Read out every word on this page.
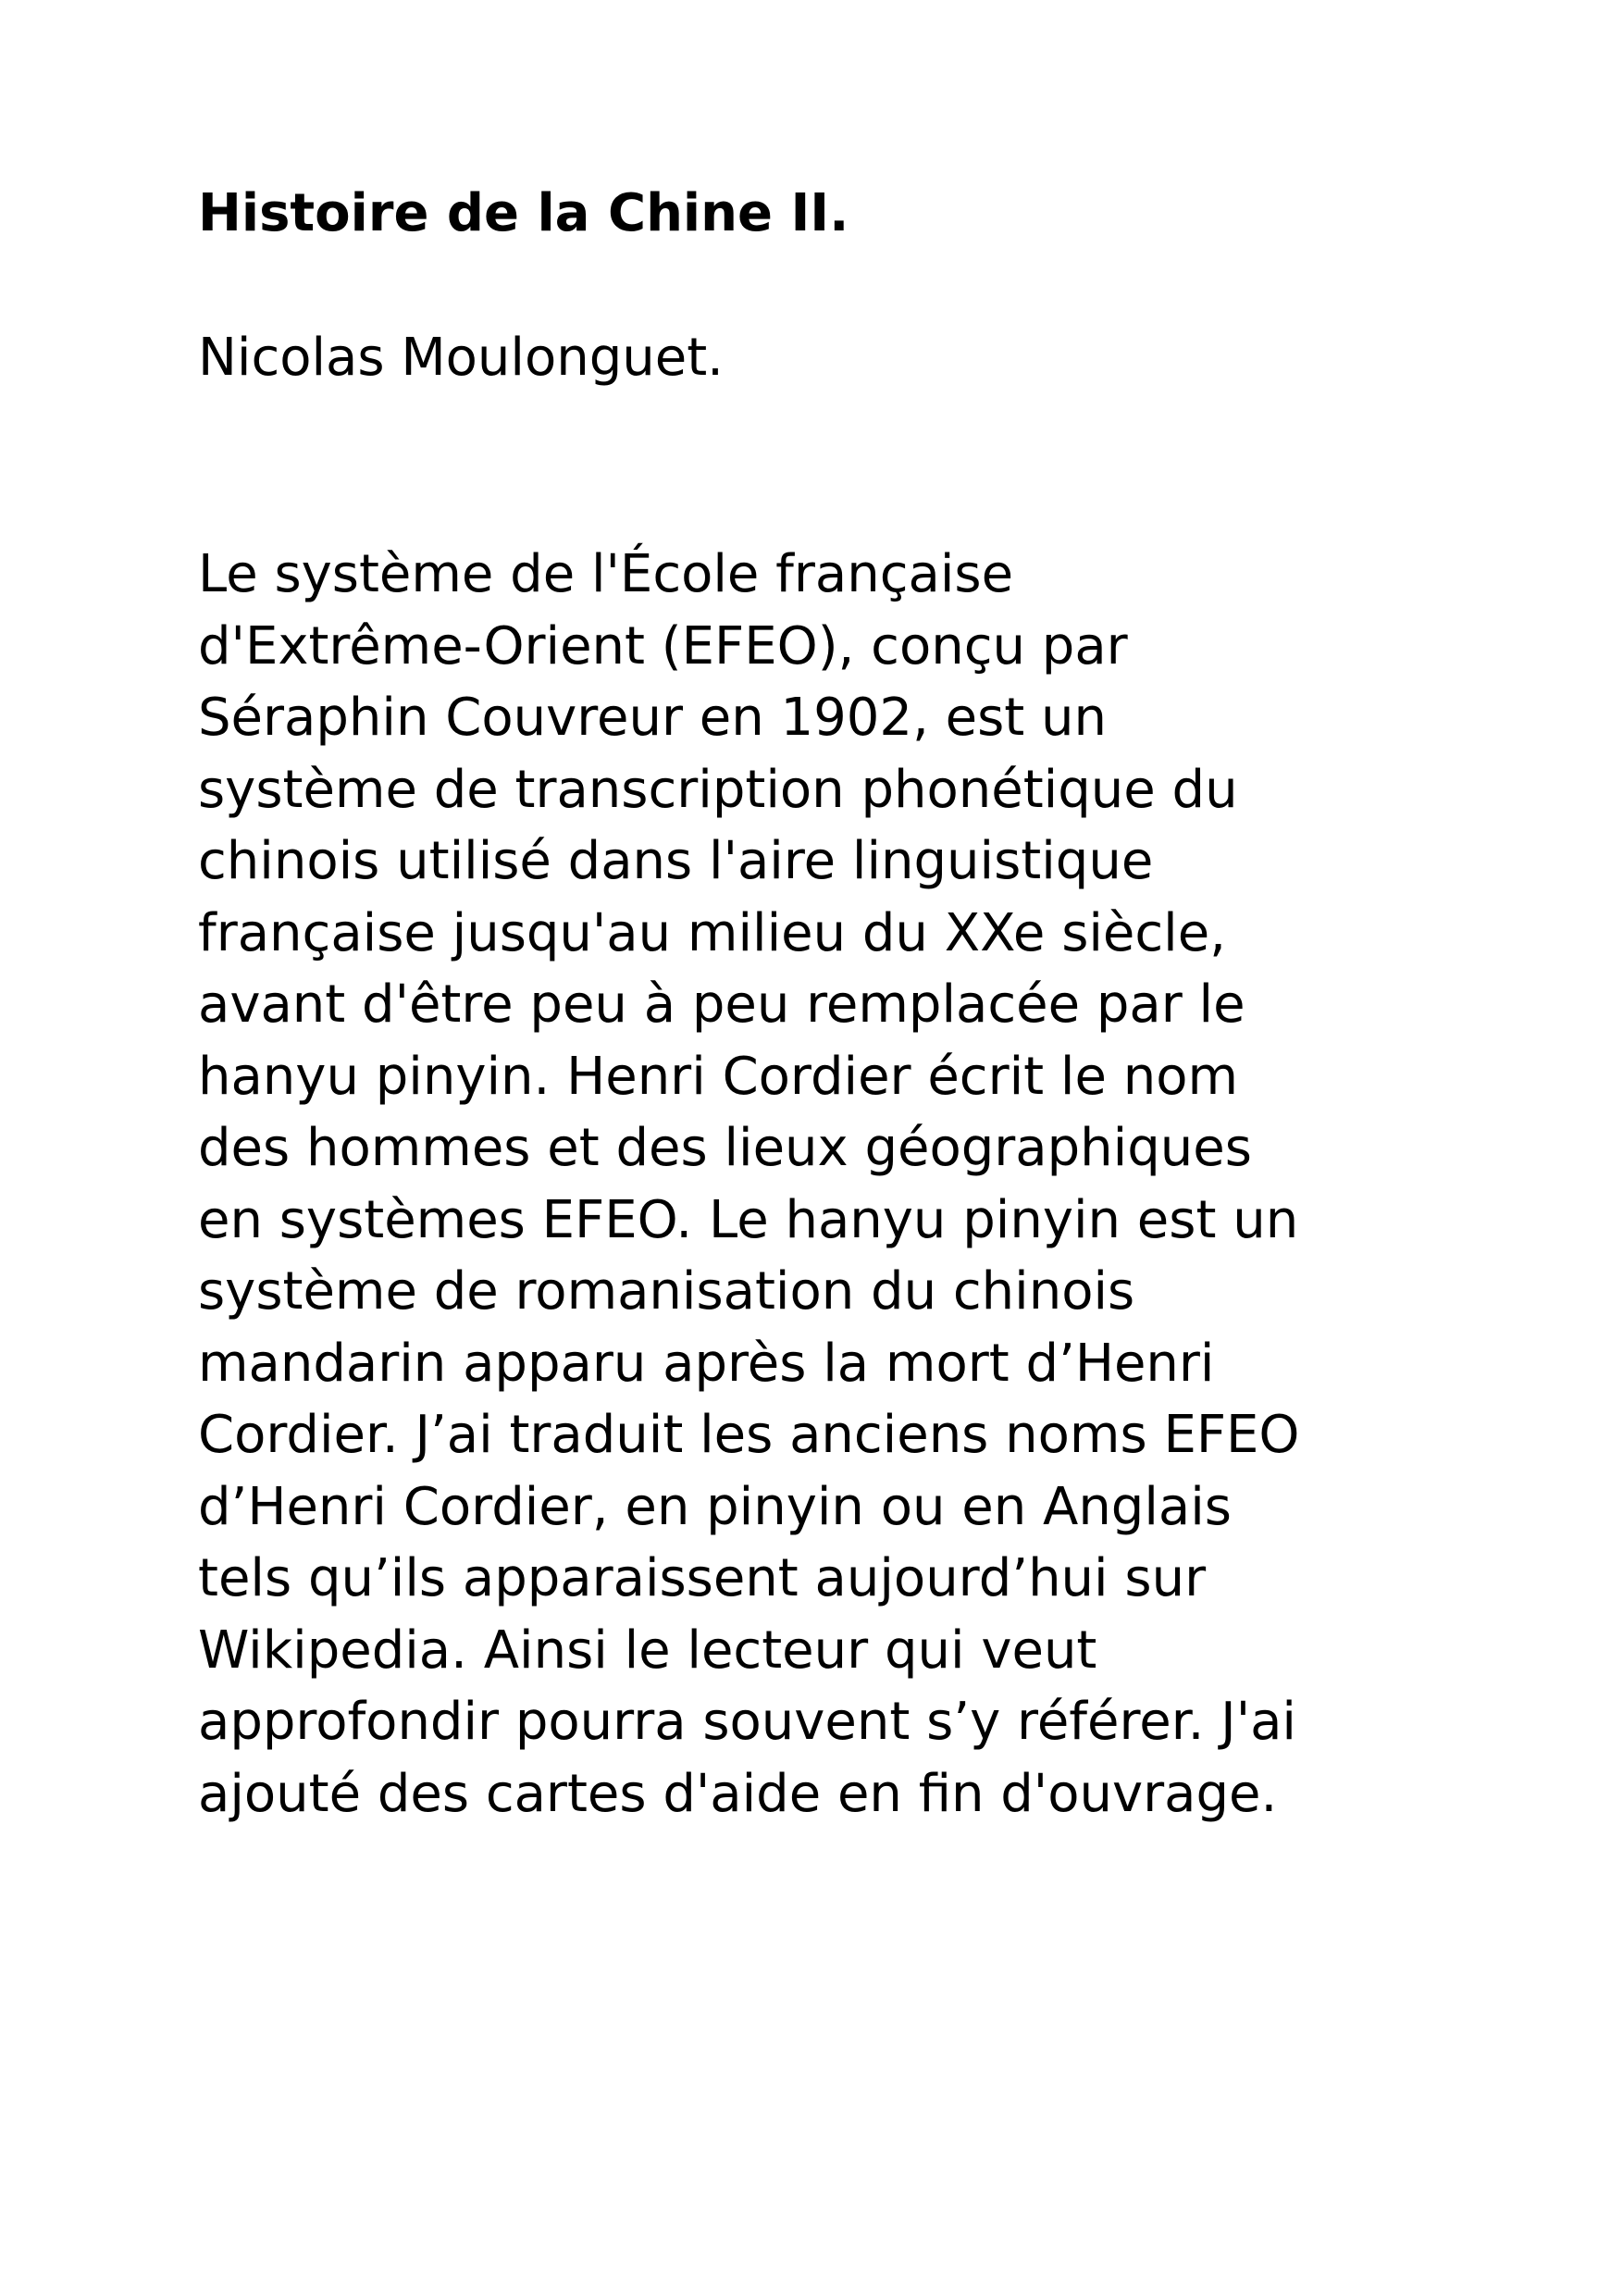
Histoire de la Chine II.

Nicolas Moulonguet.

Le système de l'École française
d'Extrême-Orient (EFEO), conçu par
Séraphin Couvreur en 1902, est un
système de transcription phonétique du
chinois utilisé dans l'aire linguistique
française jusqu'au milieu du XXe siècle,
avant d'être peu à peu remplacée par le
hanyu pinyin. Henri Cordier écrit le nom
des hommes et des lieux géographiques
en systèmes EFEO. Le hanyu pinyin est un
système de romanisation du chinois
mandarin apparu après la mort d’Henri
Cordier. J’ai traduit les anciens noms EFEO
d’Henri Cordier, en pinyin ou en Anglais
tels qu’ils apparaissent aujourd’hui sur
Wikipedia. Ainsi le lecteur qui veut
approfondir pourra souvent s’y référer. J'ai
ajouté des cartes d'aide en fin d'ouvrage.
